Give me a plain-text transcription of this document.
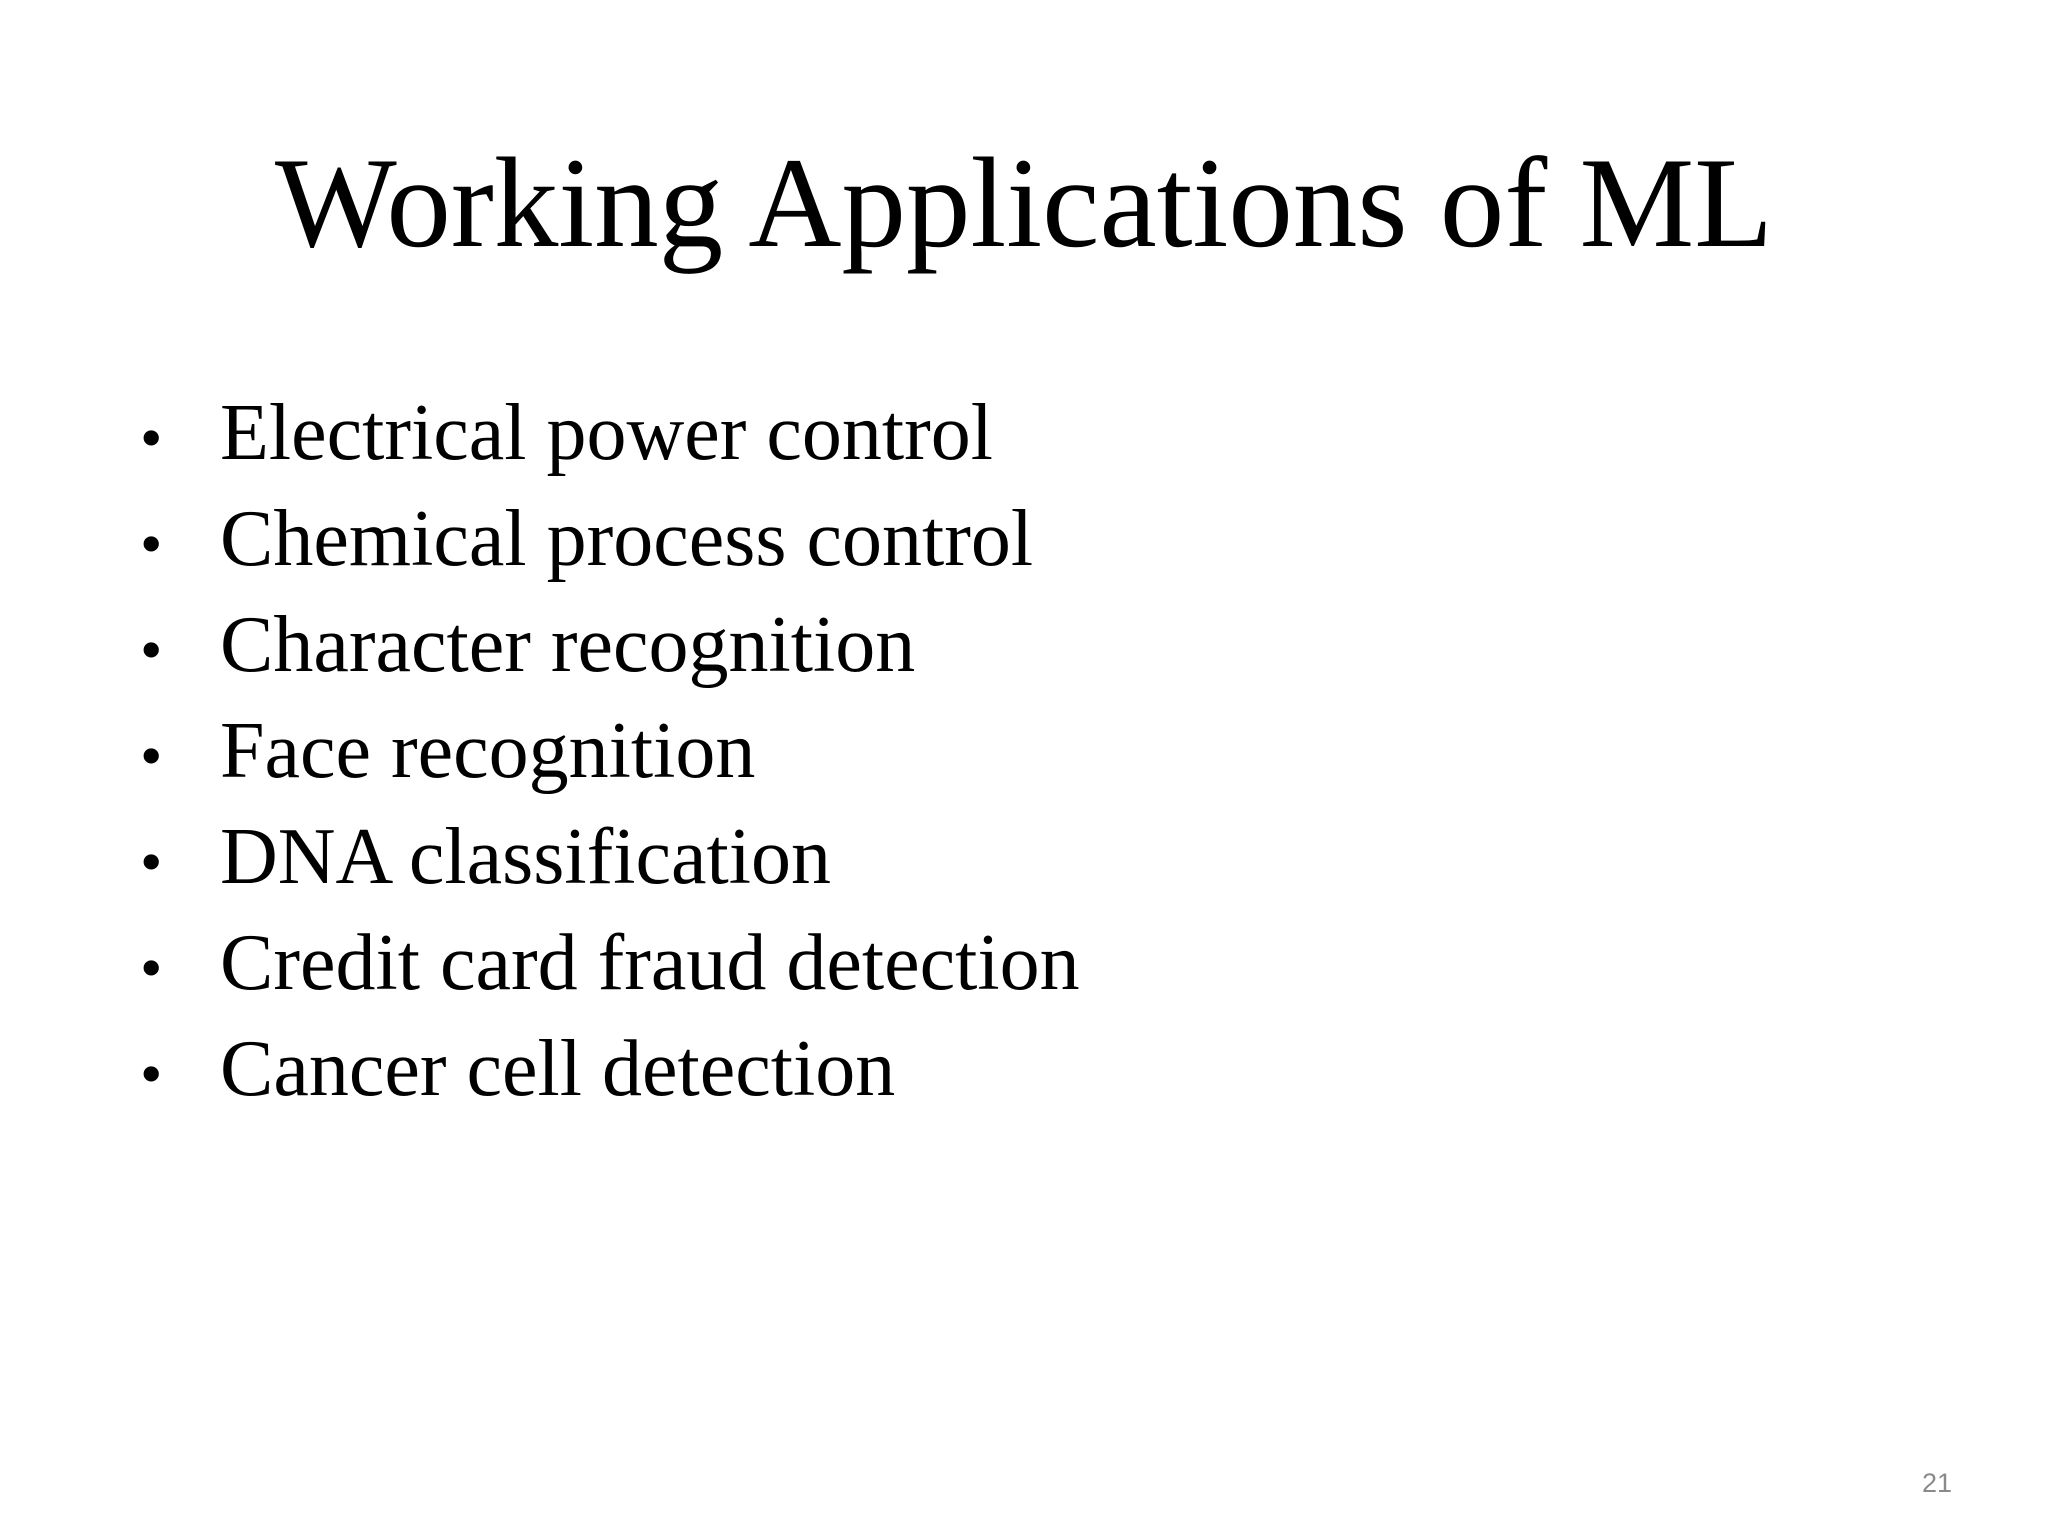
Working Applications of ML
• Electrical power control
• Chemical process control
• Character recognition
• Face recognition
• DNA classification
• Credit card fraud detection
• Cancer cell detection
21
